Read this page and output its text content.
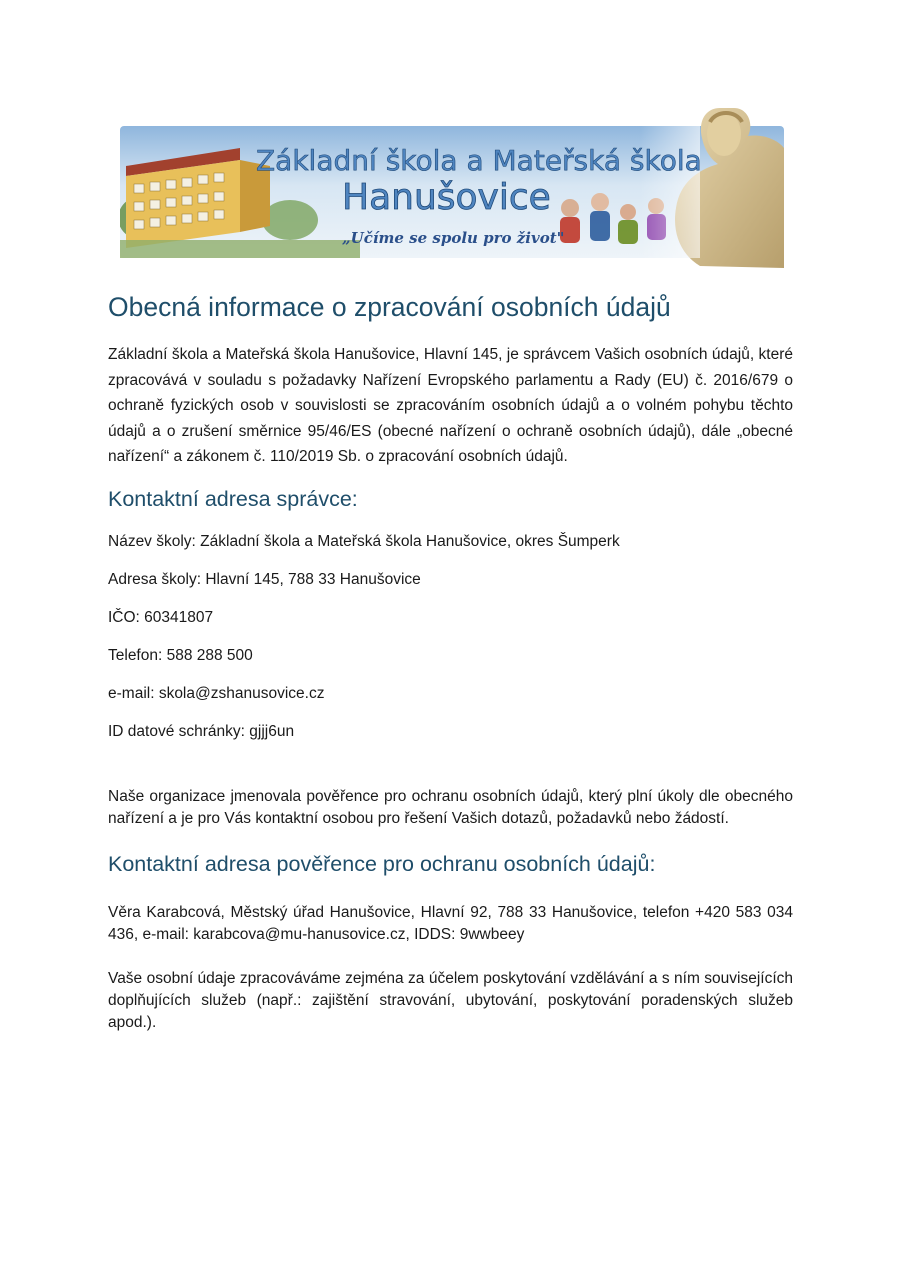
Základní škola a Mateřská škola
Hanušovice
„Učíme se spolu pro život"
Obecná informace o zpracování osobních údajů

Základní škola a Mateřská škola Hanušovice, Hlavní 145, je správcem Vašich osobních údajů, které zpracovává v souladu s požadavky Nařízení Evropského parlamentu a Rady (EU) č. 2016/679 o ochraně fyzických osob v souvislosti se zpracováním osobních údajů a o volném pohybu těchto údajů a o zrušení směrnice 95/46/ES (obecné nařízení o ochraně osobních údajů), dále „obecné nařízení“ a zákonem č. 110/2019 Sb. o zpracování osobních údajů.

Kontaktní adresa správce:

Název školy: Základní škola a Mateřská škola Hanušovice, okres Šumperk

Adresa školy: Hlavní 145, 788 33 Hanušovice

IČO: 60341807

Telefon: 588 288 500

e-mail: skola@zshanusovice.cz

ID datové schránky: gjjj6un

Naše organizace jmenovala pověřence pro ochranu osobních údajů, který plní úkoly dle obecného nařízení a je pro Vás kontaktní osobou pro řešení Vašich dotazů, požadavků nebo žádostí.

Kontaktní adresa pověřence pro ochranu osobních údajů:

Věra Karabcová, Městský úřad Hanušovice, Hlavní 92, 788 33 Hanušovice, telefon +420 583 034 436, e-mail: karabcova@mu-hanusovice.cz, IDDS: 9wwbeey

Vaše osobní údaje zpracováváme zejména za účelem poskytování vzdělávání a s ním souvisejících doplňujících služeb (např.: zajištění stravování, ubytování, poskytování poradenských služeb apod.).
